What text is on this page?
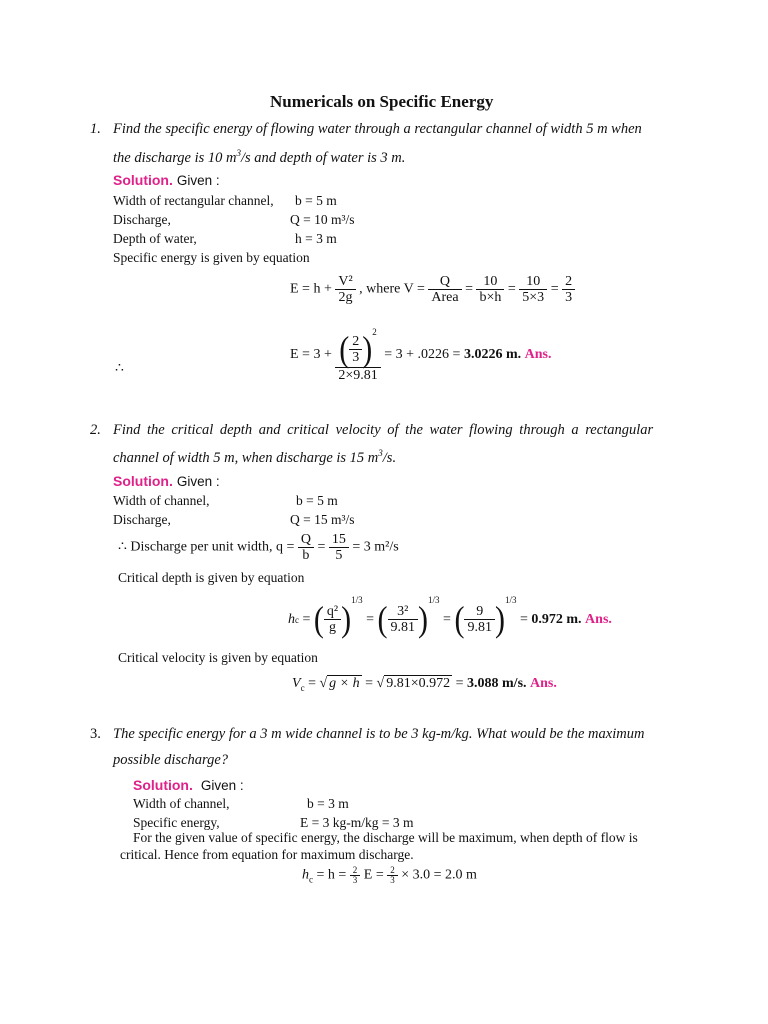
Numericals on Specific Energy
1. Find the specific energy of flowing water through a rectangular channel of width 5 m when
the discharge is 10 $m^3/s$ and depth of water is 3 m.
Solution. Given :
Width of rectangular channel, b = 5 m
Discharge,	Q = 10 m³/s
Depth of water,	h = 3 m
Specific energy is given by equation
$E = h + \frac{\text{V²}}{2g}$ , where $V = \frac{Q}{\text{Area}} = \frac{10}{b\times h} = \frac{10}{5\times 3} = \frac{2}{3}$
∴
$E = 3 + \frac{( \frac{2}{3} )^2}{2\times 9.81} = 3 + .0226 = 3.0226$ m. Ans.
2. Find the critical depth and critical velocity of the water flowing through a rectangular
channel of width 5 m, when discharge is 15 $m^3/s$.
Solution. Given :
Width of channel,	b = 5 m
Discharge,	Q = 15 m³/s
∴ Discharge per unit width, $q = \frac{Q}{b} = \frac{15}{5} = 3$ m²/s
Critical depth is given by equation
hc = ( $\frac{\text{q²}}{g} )^{1/3}$ = ( $\frac{\text{3²}}{9.81} )^{1/3}$ = ( $\frac{9}{9.81} )^{1/3} = 0.972$ m. Ans.
Critical velocity is given by equation
$V_c$ = √ g × h = √ 9.81×0.972 = 3.088 m/s. Ans.
3. The specific energy for a 3 m wide channel is to be 3 kg-m/kg. What would be the maximum
possible discharge?
Solution. Given :
Width of channel,	b = 3 m
Specific energy,	E = 3 kg-m/kg = 3 m
For the given value of specific energy, the discharge will be maximum, when depth of flow is
critical. Hence from equation for maximum discharge.
$h_c = h = \frac{2}{3}$ $E = \frac{2}{3} \times 3.0 = 2.0$ m
